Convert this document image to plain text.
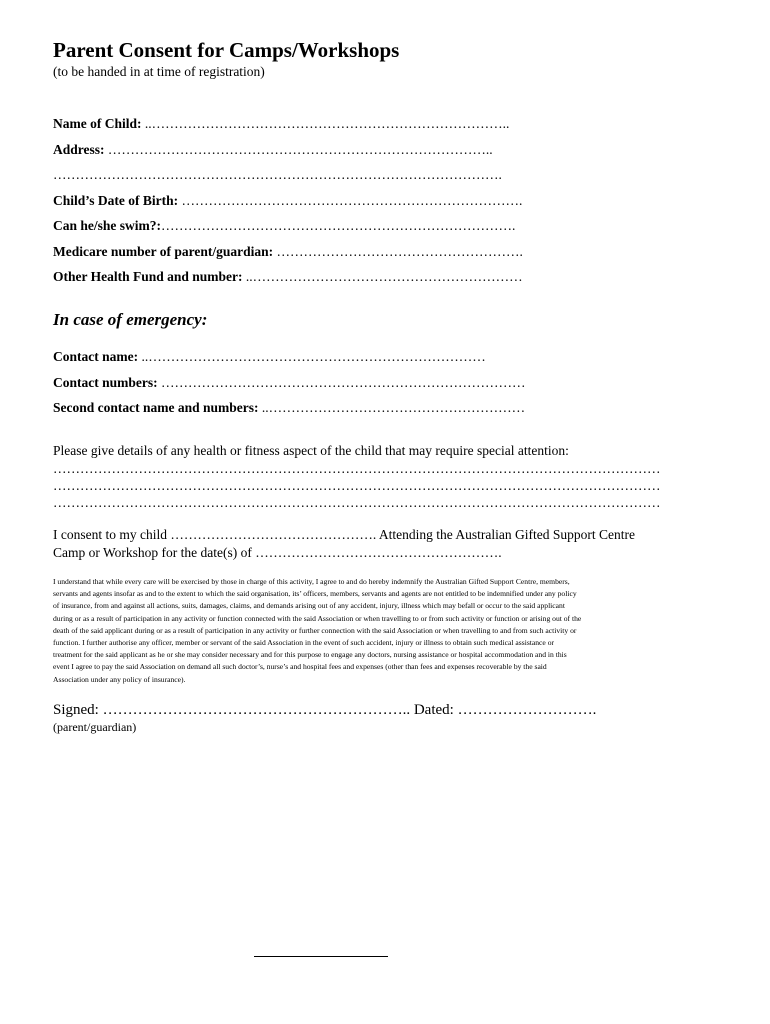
Parent Consent for Camps/Workshops
(to be handed in at time of registration)
Name of Child: ..……………………………………………………………………..
Address: …………………………………………………………………………..
……………………………………………………………………………………….
Child’s Date of Birth: ………………………………………………………………….
Can he/she swim?:…………………………………………………………………….
Medicare number of parent/guardian: ……………………………………………….
Other Health Fund and number: ..……………………………………………………
In case of emergency:
Contact name: ..…………………………………………………………………
Contact numbers: ………………………………………………………………………
Second contact name and numbers: ..…………………………………………………
Please give details of any health or fitness aspect of the child that may require special attention:
………………………………………………………………………………………………………………………
………………………………………………………………………………………………………………………
………………………………………………………………………………………………………………………
I consent to my child ………………………………………. Attending the Australian Gifted Support Centre
Camp or Workshop for the date(s) of ……………………………………………….
I understand that while every care will be exercised by those in charge of this activity, I agree to and do hereby indemnify the Australian Gifted Support Centre, members,
servants and agents insofar as and to the extent to which the said organisation, its’ officers, members, servants and agents are not entitled to be indemnified under any policy
of insurance, from and against all actions, suits, damages, claims, and demands arising out of any accident, injury, illness which may befall or occur to the said applicant
during or as a result of participation in any activity or function connected with the said Association or when travelling to or from such activity or function or arising out of the
death of the said applicant during or as a result of participation in any activity or further connection with the said Association or when travelling to and from such activity or
function. I further authorise any officer, member or servant of the said Association in the event of such accident, injury or illness to obtain such medical assistance or
treatment for the said applicant as he or she may consider necessary and for this purpose to engage any doctors, nursing assistance or hospital accommodation and in this
event I agree to pay the said Association on demand all such doctor’s, nurse’s and hospital fees and expenses (other than fees and expenses recoverable by the said
Association under any policy of insurance).
Signed: …………………………………………………….. Dated: ……………………….
(parent/guardian)
